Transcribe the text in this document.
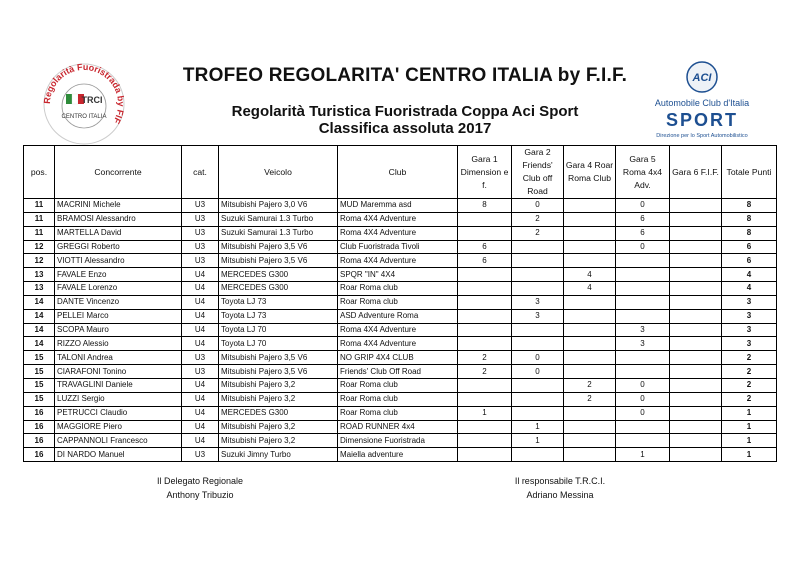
Regolarità Fuoristrada by FIF
TRCI
CENTRO ITALIA
TROFEO REGOLARITA' CENTRO ITALIA by F.I.F.
Regolarità Turistica Fuoristrada Coppa Aci Sport
Classifica assoluta 2017
ACI
Automobile Club d'Italia
SPORT
Direzione per lo Sport Automobilistico
pos.	Concorrente	cat.	Veicolo	Club	Gara 1 Dimension e f.	Gara 2 Friends' Club off Road	Gara 4 Roar Roma Club	Gara 5 Roma 4x4 Adv.	Gara 6 F.I.F.	Totale Punti
11	MACRINI Michele	U3	Mitsubishi Pajero 3,0 V6	MUD Maremma asd	8	0		0		8
11	BRAMOSI Alessandro	U3	Suzuki Samurai 1.3 Turbo	Roma 4X4 Adventure		2		6		8
11	MARTELLA David	U3	Suzuki Samurai 1.3 Turbo	Roma 4X4 Adventure		2		6		8
12	GREGGI Roberto	U3	Mitsubishi Pajero 3,5 V6	Club Fuoristrada Tivoli	6			0		6
12	VIOTTI Alessandro	U3	Mitsubishi Pajero 3,5 V6	Roma 4X4 Adventure	6					6
13	FAVALE Enzo	U4	MERCEDES G300	SPQR "IN" 4X4			4			4
13	FAVALE Lorenzo	U4	MERCEDES G300	Roar Roma club			4			4
14	DANTE Vincenzo	U4	Toyota LJ 73	Roar Roma club		3				3
14	PELLEI Marco	U4	Toyota LJ 73	ASD Adventure Roma		3				3
14	SCOPA Mauro	U4	Toyota LJ 70	Roma 4X4 Adventure				3		3
14	RIZZO Alessio	U4	Toyota LJ 70	Roma 4X4 Adventure				3		3
15	TALONI Andrea	U3	Mitsubishi Pajero 3,5 V6	NO GRIP 4X4 CLUB	2	0				2
15	CIARAFONI Tonino	U3	Mitsubishi Pajero 3,5 V6	Friends' Club Off Road	2	0				2
15	TRAVAGLINI Daniele	U4	Mitsubishi Pajero 3,2	Roar Roma club			2	0		2
15	LUZZI Sergio	U4	Mitsubishi Pajero 3,2	Roar Roma club			2	0		2
16	PETRUCCI Claudio	U4	MERCEDES G300	Roar Roma club	1			0		1
16	MAGGIORE Piero	U4	Mitsubishi Pajero 3,2	ROAD RUNNER 4x4		1				1
16	CAPPANNOLI Francesco	U4	Mitsubishi Pajero 3,2	Dimensione Fuoristrada		1				1
16	DI NARDO Manuel	U3	Suzuki Jimny Turbo	Maiella adventure				1		1
Il Delegato Regionale
Anthony Tribuzio
Il responsabile T.R.C.I.
Adriano Messina
